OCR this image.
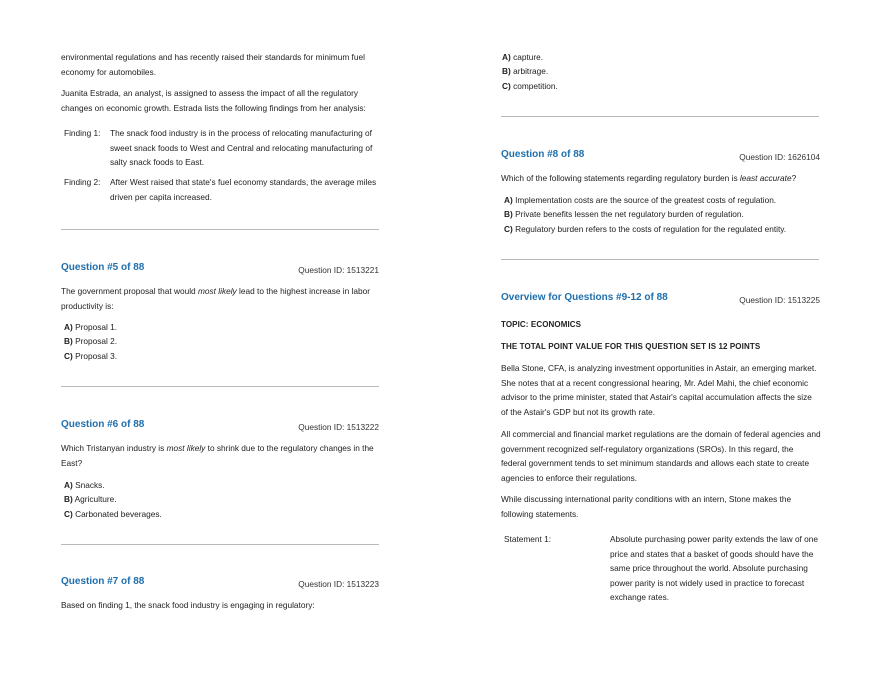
environmental regulations and has recently raised their standards for minimum fuel economy for automobiles.
Juanita Estrada, an analyst, is assigned to assess the impact of all the regulatory changes on economic growth. Estrada lists the following findings from her analysis:
Finding 1: The snack food industry is in the process of relocating manufacturing of sweet snack foods to West and Central and relocating manufacturing of salty snack foods to East.
Finding 2: After West raised that state's fuel economy standards, the average miles driven per capita increased.
Question #5 of 88	Question ID: 1513221
The government proposal that would most likely lead to the highest increase in labor productivity is:
A) Proposal 1.
B) Proposal 2.
C) Proposal 3.
Question #6 of 88	Question ID: 1513222
Which Tristanyan industry is most likely to shrink due to the regulatory changes in the East?
A) Snacks.
B) Agriculture.
C) Carbonated beverages.
Question #7 of 88	Question ID: 1513223
Based on finding 1, the snack food industry is engaging in regulatory:
A) capture.
B) arbitrage.
C) competition.
Question #8 of 88	Question ID: 1626104
Which of the following statements regarding regulatory burden is least accurate?
A) Implementation costs are the source of the greatest costs of regulation.
B) Private benefits lessen the net regulatory burden of regulation.
C) Regulatory burden refers to the costs of regulation for the regulated entity.
Overview for Questions #9-12 of 88	Question ID: 1513225
TOPIC: ECONOMICS
THE TOTAL POINT VALUE FOR THIS QUESTION SET IS 12 POINTS
Bella Stone, CFA, is analyzing investment opportunities in Astair, an emerging market. She notes that at a recent congressional hearing, Mr. Adel Mahi, the chief economic advisor to the prime minister, stated that Astair's capital accumulation affects the size of the Astair's GDP but not its growth rate.
All commercial and financial market regulations are the domain of federal agencies and government recognized self-regulatory organizations (SROs). In this regard, the federal government tends to set minimum standards and allows each state to create agencies to enforce their regulations.
While discussing international parity conditions with an intern, Stone makes the following statements.
Statement 1:	Absolute purchasing power parity extends the law of one price and states that a basket of goods should have the same price throughout the world. Absolute purchasing power parity is not widely used in practice to forecast exchange rates.
